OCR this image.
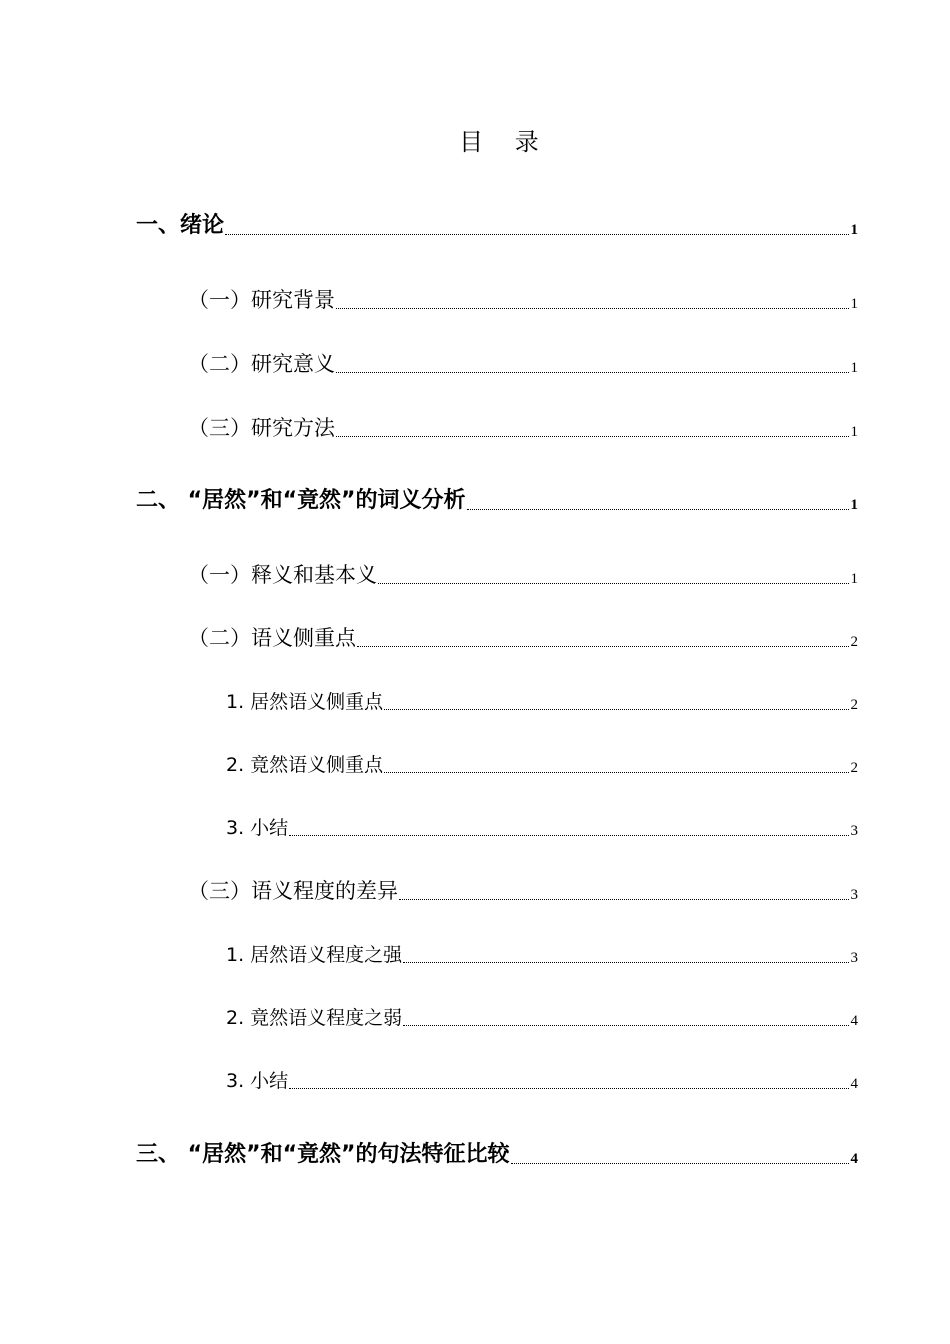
目 录
一、绪论	1
（一）研究背景	1
（二）研究意义	1
（三）研究方法	1
二、 “居然”和“竟然”的词义分析	1
（一）释义和基本义	1
（二）语义侧重点	2
1. 居然语义侧重点	2
2. 竟然语义侧重点	2
3. 小结	3
（三）语义程度的差异	3
1. 居然语义程度之强	3
2. 竟然语义程度之弱	4
3. 小结	4
三、 “居然”和“竟然”的句法特征比较	4
